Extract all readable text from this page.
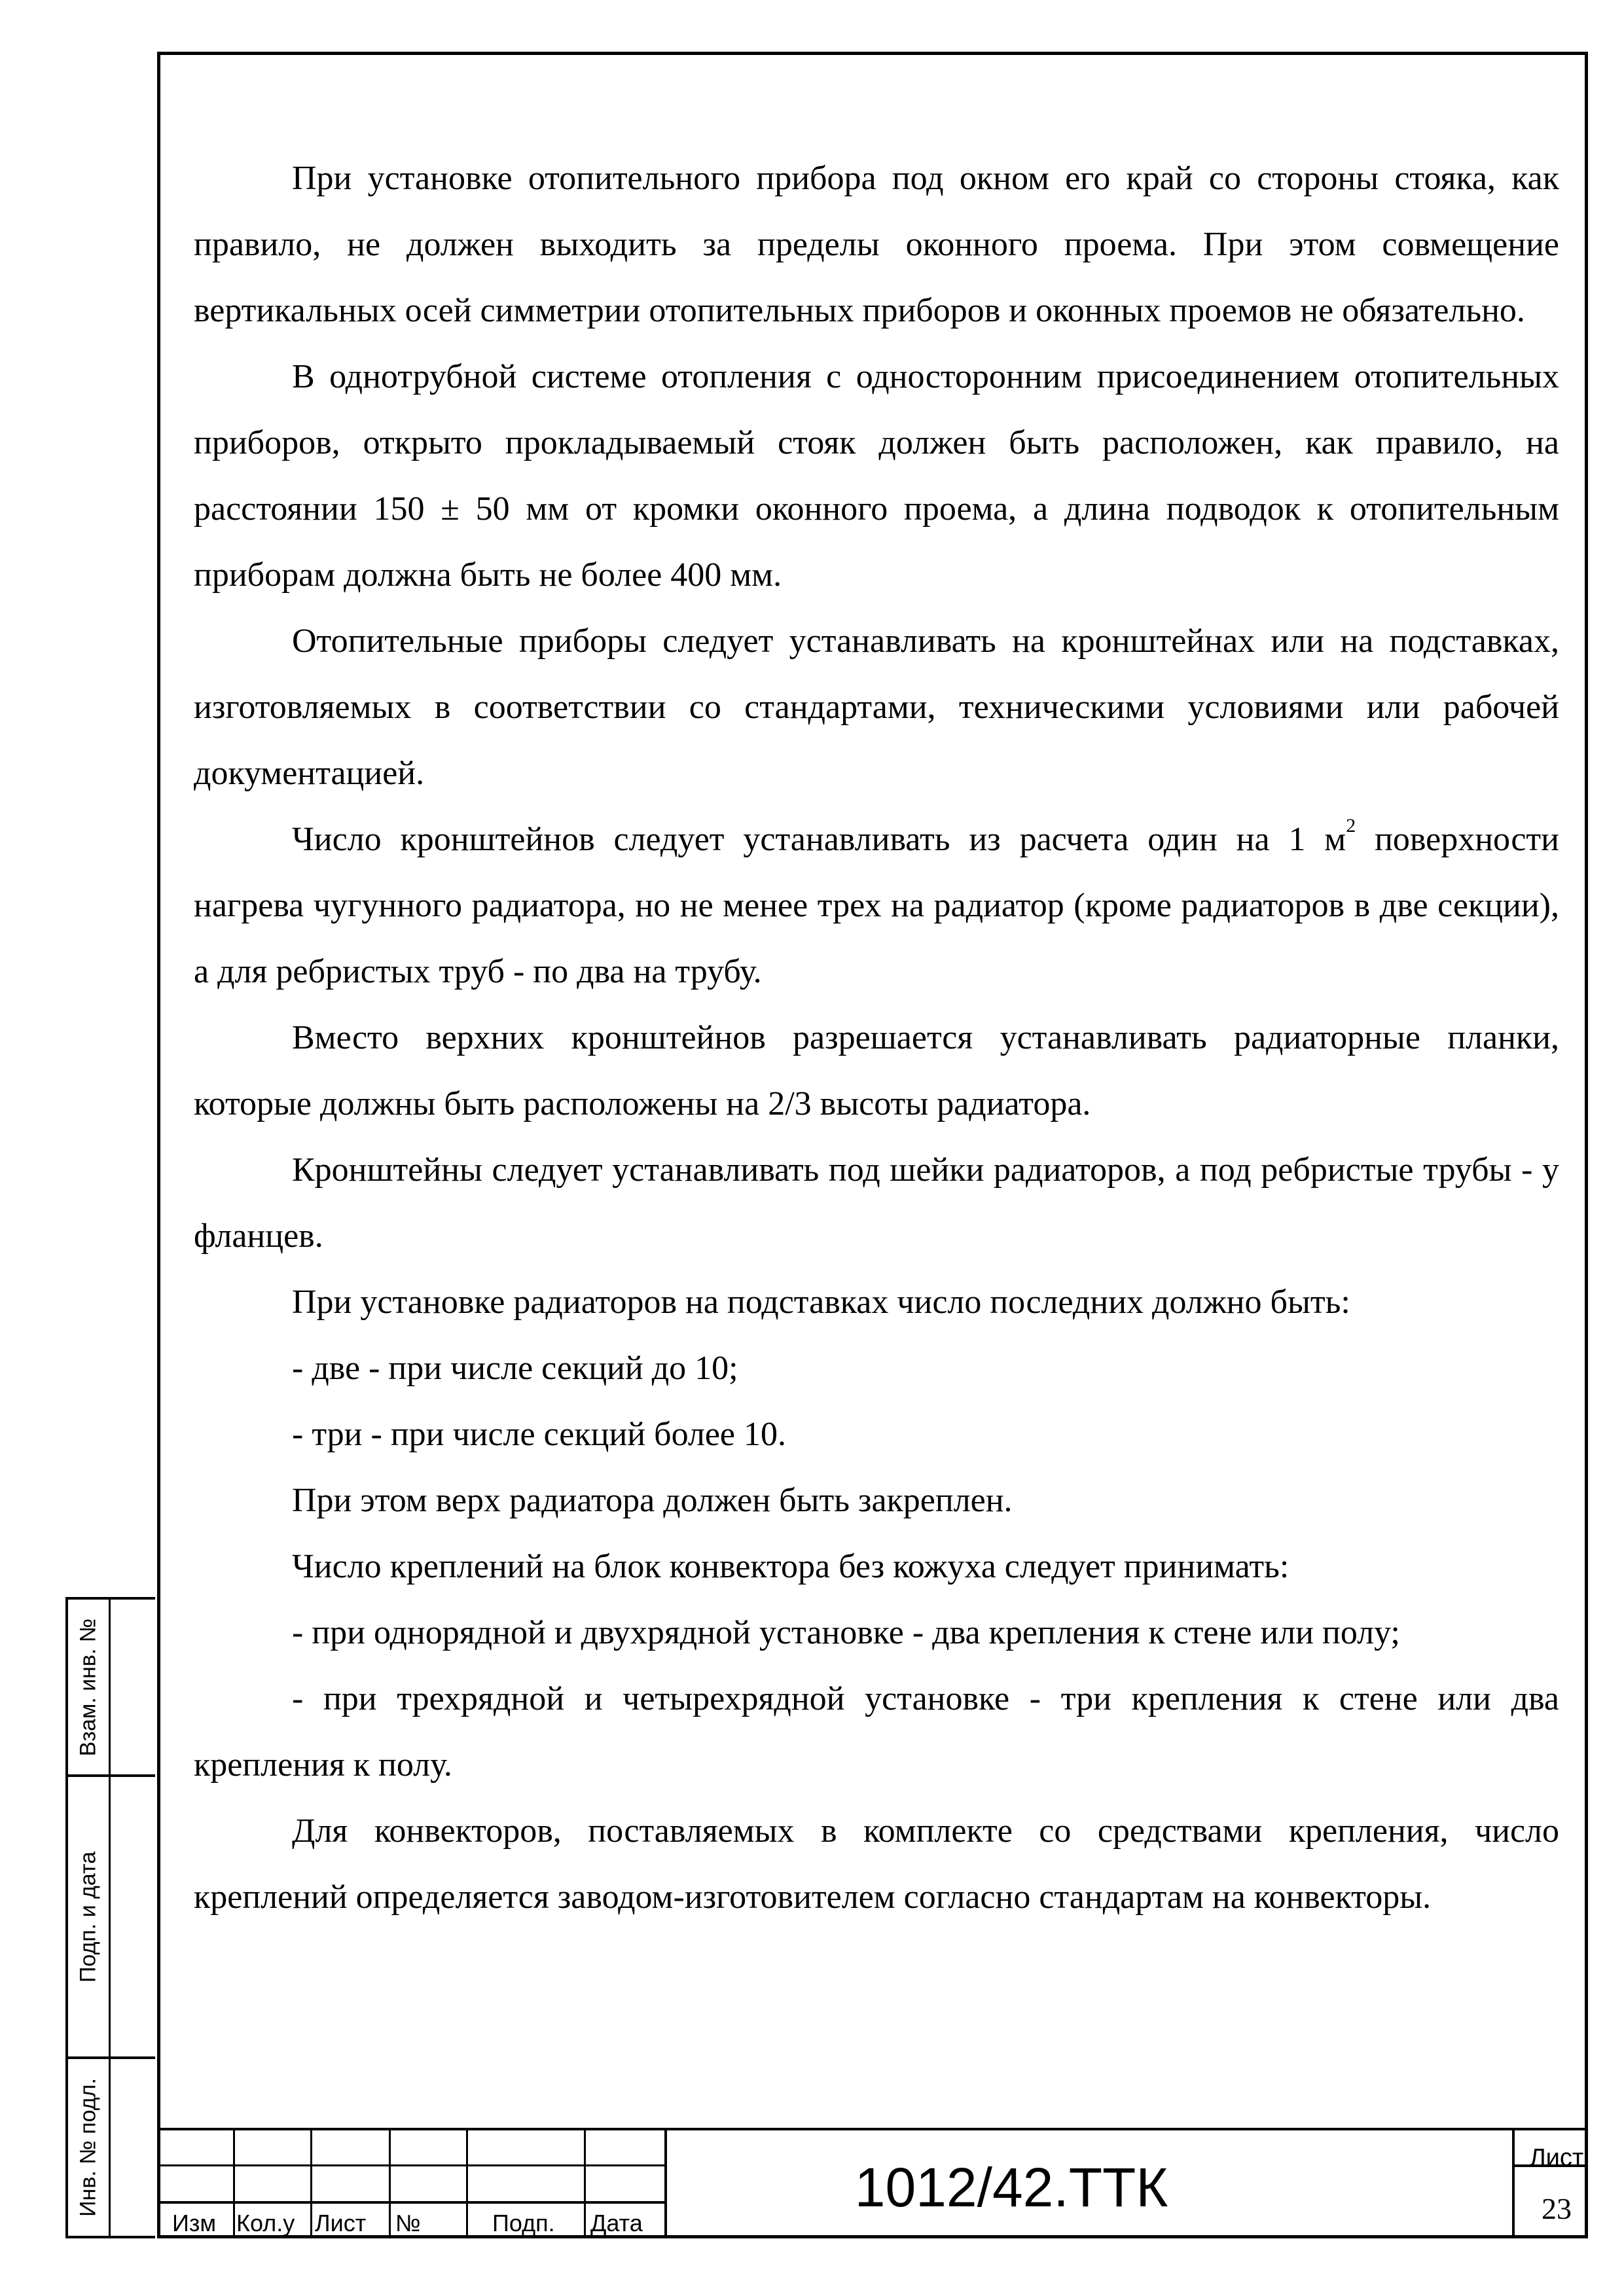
Взам. инв. №
Подп. и дата
Инв. № подл.

При установке отопительного прибора под окном его край со стороны стояка, как правило, не должен выходить за пределы оконного проема. При этом совмещение вертикальных осей симметрии отопительных приборов и оконных проемов не обязательно.

В однотрубной системе отопления с односторонним присоединением отопительных приборов, открыто прокладываемый стояк должен быть расположен, как правило, на расстоянии 150 ± 50 мм от кромки оконного проема, а длина подводок к отопительным приборам должна быть не более 400 мм.

Отопительные приборы следует устанавливать на кронштейнах или на подставках, изготовляемых в соответствии со стандартами, техническими условиями или рабочей документацией.

Число кронштейнов следует устанавливать из расчета один на 1 $м^2$ поверхности нагрева чугунного радиатора, но не менее трех на радиатор (кроме радиаторов в две секции), а для ребристых труб - по два на трубу.

Вместо верхних кронштейнов разрешается устанавливать радиаторные планки, которые должны быть расположены на 2/3 высоты радиатора.

Кронштейны следует устанавливать под шейки радиаторов, а под ребристые трубы - у фланцев.

При установке радиаторов на подставках число последних должно быть:

- две - при числе секций до 10;

- три - при числе секций более 10.

При этом верх радиатора должен быть закреплен.

Число креплений на блок конвектора без кожуха следует принимать:

- при однорядной и двухрядной установке - два крепления к стене или полу;

- при трехрядной и четырехрядной установке - три крепления к стене или два крепления к полу.

Для конвекторов, поставляемых в комплекте со средствами крепления, число креплений определяется заводом-изготовителем согласно стандартам на конвекторы.

Изм Кол.у Лист №	Подп. Дата
1012/42.ТТК	Лист
23
